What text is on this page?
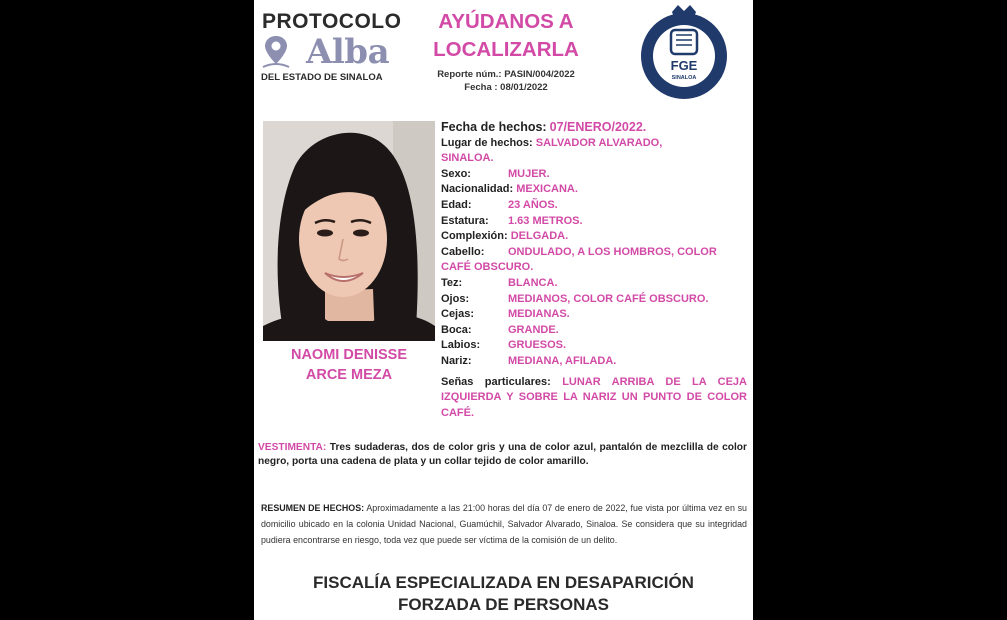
PROTOCOLO
Alba
DEL ESTADO DE SINALOA
AYÚDANOS A
LOCALIZARLA
Reporte núm.: PASIN/004/2022
Fecha : 08/01/2022
FGE
SINALOA
NAOMI DENISSE
ARCE MEZA
Fecha de hechos:
07/ENERO/2022.
Lugar de hechos:
SALVADOR ALVARADO,
SINALOA.
Sexo:	MUJER.
Nacionalidad:
MEXICANA.
Edad:	23 AÑOS.
Estatura:	1.63 METROS.
Complexión:
DELGADA.
Cabello:	ONDULADO, A LOS HOMBROS, COLOR
CAFÉ OBSCURO.
Tez:	BLANCA.
Ojos:	MEDIANOS, COLOR CAFÉ OBSCURO.
Cejas:	MEDIANAS.
Boca:	GRANDE.
Labios:	GRUESOS.
Nariz:	MEDIANA, AFILADA.
Señas particulares: LUNAR ARRIBA DE LA CEJA IZQUIERDA Y SOBRE LA NARIZ UN PUNTO DE COLOR CAFÉ.
VESTIMENTA: Tres sudaderas, dos de color gris y una de color azul, pantalón de mezclilla de color negro, porta una cadena de plata y un collar tejido de color amarillo.
RESUMEN DE HECHOS: Aproximadamente a las 21:00 horas del día 07 de enero de 2022, fue vista por última vez en su domicilio ubicado en la colonia Unidad Nacional, Guamúchil, Salvador Alvarado, Sinaloa. Se considera que su integridad pudiera encontrarse en riesgo, toda vez que puede ser víctima de la comisión de un delito.
FISCALÍA ESPECIALIZADA EN DESAPARICIÓN
FORZADA DE PERSONAS
